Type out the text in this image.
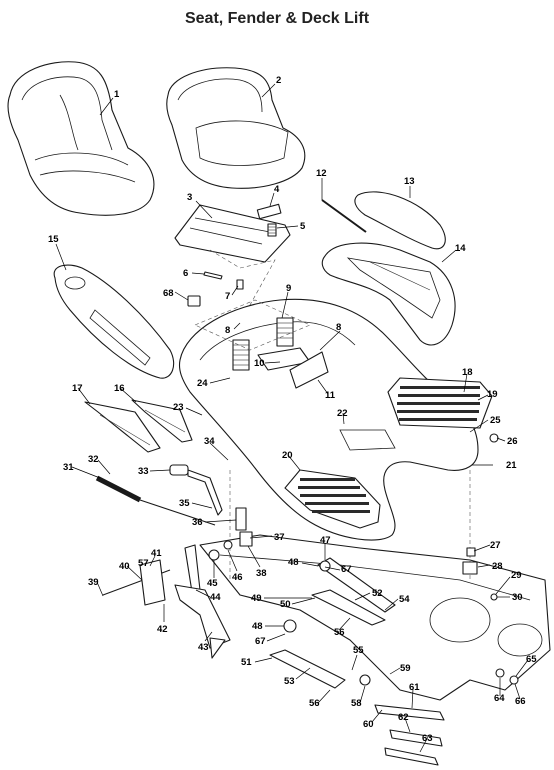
Seat, Fender & Deck Lift
1
2
3
4
5
6
7
8	8
9
10
11
12
13
14
15
16
17
18
19
20
21
22
23
24
25
26
27
28
29
30
31
32
33
34
35
36
37
38
39
40
41
42
43
44
45
46
47
48
48
49
50
51
52
53
54
55
56
56
57
58
59
60
61
62
63
64
65
66
67
67
68
